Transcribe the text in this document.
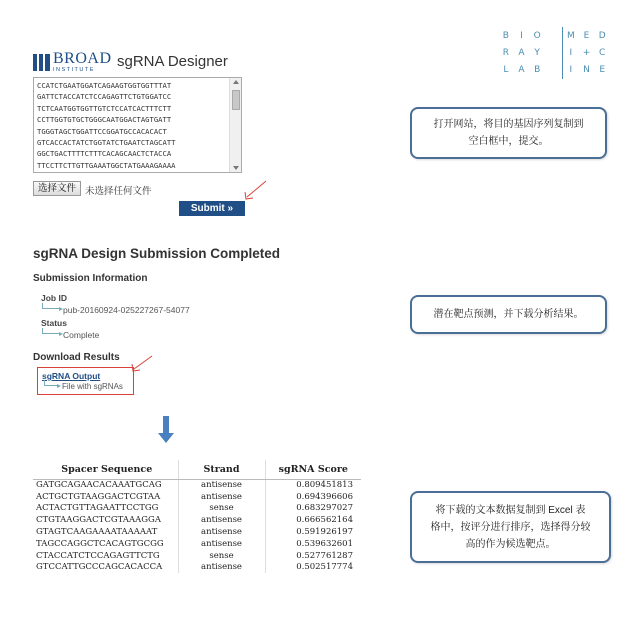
B	I	O	M E	D
R	A	Y	I	+ C
L	A	B	I	N	E
BROAD
INSTITUTE	sgRNA Designer
CCATCTGAATGGATCAGAAGTGGTGGTTTAT
GATTCTACCATCTCCAGAGTTCTGTGGATCC
TCTCAATGGTGGTTGTCTCCATCACTTTCTT
CCTTGGTGTGCTGGGCAATGGACTAGTGATT
TGGGTAGCTGGATTCCGGATGCCACACACT
GTCACCACTATCTGGTATCTGAATCTAGCATT
GGCTGACTTTTCTTTCACAGCAACTCTACCA
TTCCTTCTTGTTGAAATGGCTATGAAAGAAAA
选择文件 未选择任何文件
Submit »
sgRNA Design Submission Completed
Submission Information
Job ID
pub-20160924-025227267-54077
Status
Complete
Download Results
sgRNA Output
File with sgRNAs
Spacer Sequence	Strand	sgRNA Score
GATGCAGAACACAAATGCAG	antisense	0.809451813
ACTGCTGTAAGGACTCGTAA	antisense	0.694396606
ACTACTGTTAGAATTCCTGG	sense	0.683297027
CTGTAAGGACTCGTAAAGGA	antisense	0.666562164
GTAGTCAAGAAAATAAAAAT	antisense	0.591926197
TAGCCAGGCTCACAGTGCGG	antisense	0.539632601
CTACCATCTCCAGAGTTCTG	sense	0.527761287
GTCCATTGCCCAGCACACCA	antisense	0.502517774
打开网站，将目的基因序列复制到
空白框中，提交。
潜在靶点预测，并下载分析结果。
将下载的文本数据复制到 Excel 表
格中，按评分进行排序，选择得分较
高的作为候选靶点。
